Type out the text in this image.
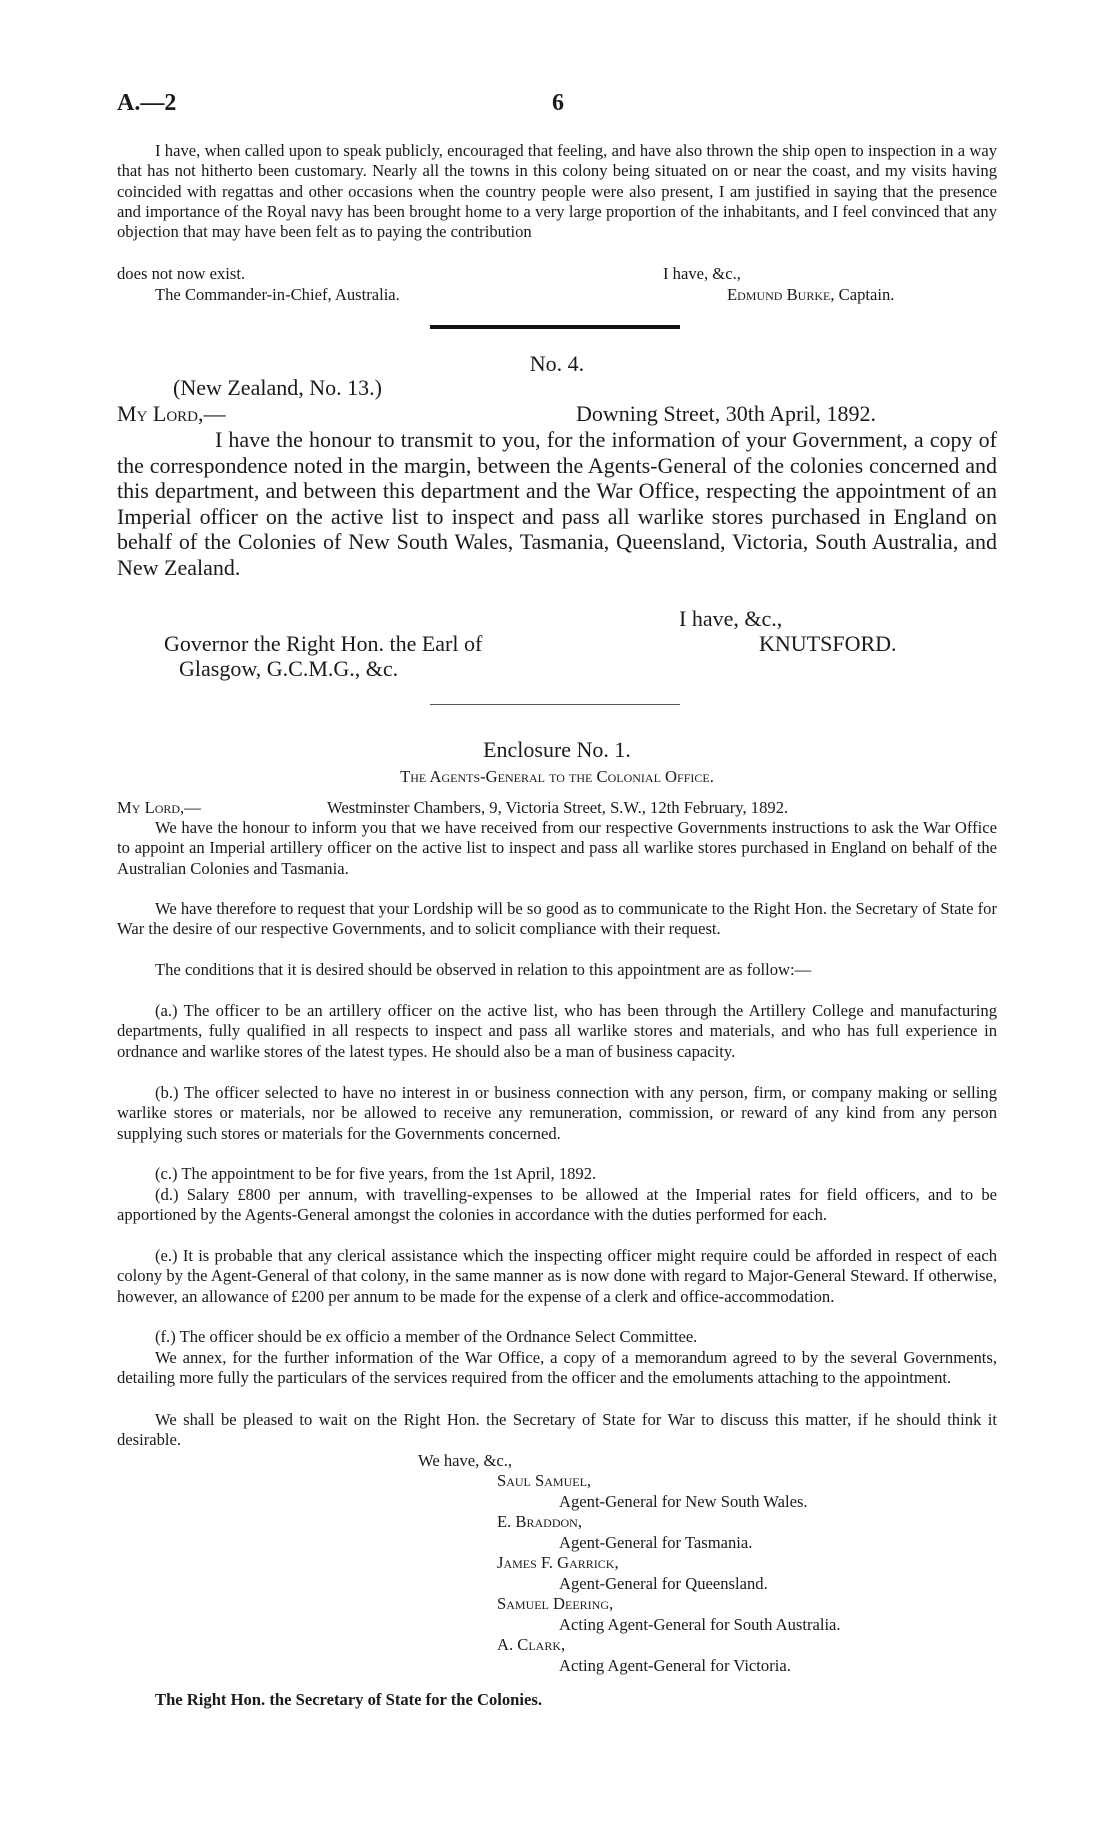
A.—2	6

I have, when called upon to speak publicly, encouraged that feeling, and have also thrown the ship open to inspection in a way that has not hitherto been customary. Nearly all the towns in this colony being situated on or near the coast, and my visits having coincided with regattas and other occasions when the country people were also present, I am justified in saying that the presence and importance of the Royal navy has been brought home to a very large proportion of the inhabitants, and I feel convinced that any objection that may have been felt as to paying the contribution

does not now exist.	I have, &c.,
The Commander-in-Chief, Australia.	Edmund Burke, Captain.
No. 4.
(New Zealand, No. 13.)
My Lord,—	Downing Street, 30th April, 1892.

I have the honour to transmit to you, for the information of your Government, a copy of the correspondence noted in the margin, between the Agents-General of the colonies concerned and this department, and between this department and the War Office, respecting the appointment of an Imperial officer on the active list to inspect and pass all warlike stores purchased in England on behalf of the Colonies of New South Wales, Tasmania, Queensland, Victoria, South Australia, and New Zealand.

I have, &c.,
Governor the Right Hon. the Earl of	KNUTSFORD.
Glasgow, G.C.M.G., &c.
Enclosure No. 1.
The Agents-General to the Colonial Office.
My Lord,—	Westminster Chambers, 9, Victoria Street, S.W., 12th February, 1892.

We have the honour to inform you that we have received from our respective Governments instructions to ask the War Office to appoint an Imperial artillery officer on the active list to inspect and pass all warlike stores purchased in England on behalf of the Australian Colonies and Tasmania.

We have therefore to request that your Lordship will be so good as to communicate to the Right Hon. the Secretary of State for War the desire of our respective Governments, and to solicit compliance with their request.

The conditions that it is desired should be observed in relation to this appointment are as follow:—

(a.) The officer to be an artillery officer on the active list, who has been through the Artillery College and manufacturing departments, fully qualified in all respects to inspect and pass all warlike stores and materials, and who has full experience in ordnance and warlike stores of the latest types. He should also be a man of business capacity.

(b.) The officer selected to have no interest in or business connection with any person, firm, or company making or selling warlike stores or materials, nor be allowed to receive any remuneration, commission, or reward of any kind from any person supplying such stores or materials for the Governments concerned.

(c.) The appointment to be for five years, from the 1st April, 1892.

(d.) Salary £800 per annum, with travelling-expenses to be allowed at the Imperial rates for field officers, and to be apportioned by the Agents-General amongst the colonies in accordance with the duties performed for each.

(e.) It is probable that any clerical assistance which the inspecting officer might require could be afforded in respect of each colony by the Agent-General of that colony, in the same manner as is now done with regard to Major-General Steward. If otherwise, however, an allowance of £200 per annum to be made for the expense of a clerk and office-accommodation.

(f.) The officer should be ex officio a member of the Ordnance Select Committee.

We annex, for the further information of the War Office, a copy of a memorandum agreed to by the several Governments, detailing more fully the particulars of the services required from the officer and the emoluments attaching to the appointment.

We shall be pleased to wait on the Right Hon. the Secretary of State for War to discuss this matter, if he should think it desirable.

We have, &c.,
Saul Samuel,
Agent-General for New South Wales.
E. Braddon,
Agent-General for Tasmania.
James F. Garrick,
Agent-General for Queensland.
Samuel Deering,
Acting Agent-General for South Australia.
A. Clark,
Acting Agent-General for Victoria.
The Right Hon. the Secretary of State for the Colonies.
